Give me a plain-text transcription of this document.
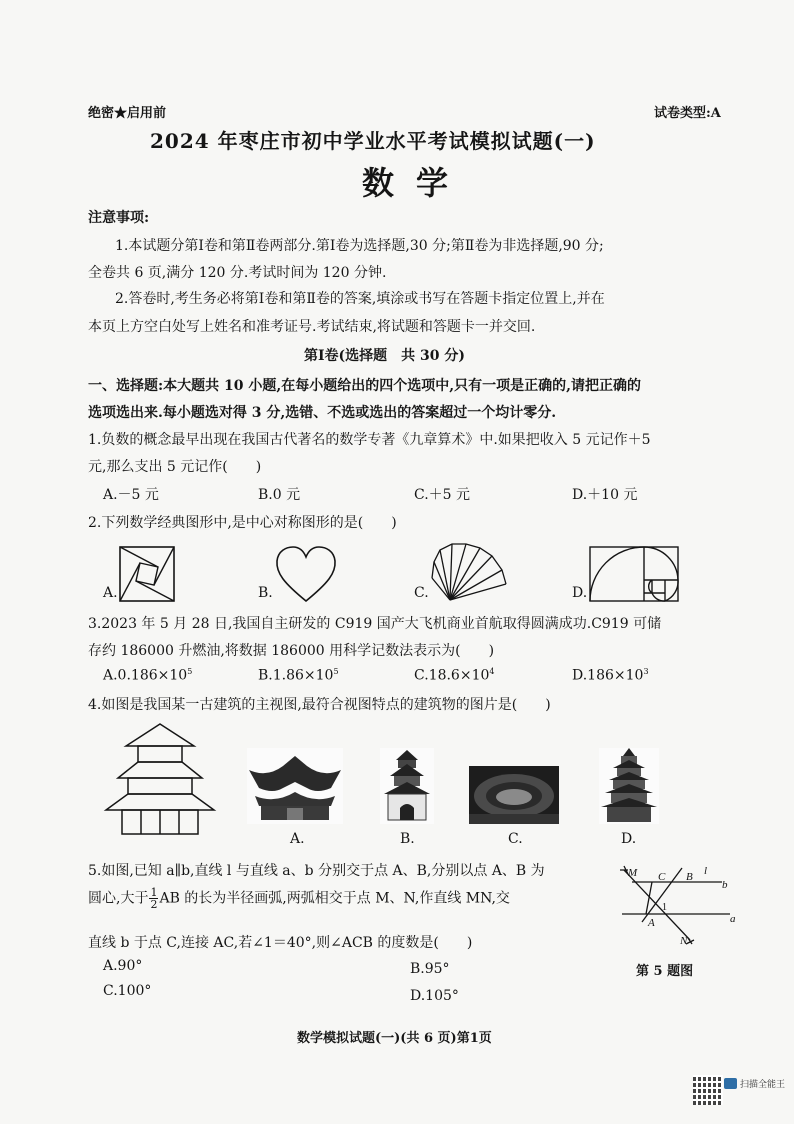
绝密★启用前	试卷类型:A
2024 年枣庄市初中学业水平考试模拟试题(一)
数学
注意事项:
1.本试题分第Ⅰ卷和第Ⅱ卷两部分.第Ⅰ卷为选择题,30 分;第Ⅱ卷为非选择题,90 分;
全卷共 6 页,满分 120 分.考试时间为 120 分钟.
2.答卷时,考生务必将第Ⅰ卷和第Ⅱ卷的答案,填涂或书写在答题卡指定位置上,并在
本页上方空白处写上姓名和准考证号.考试结束,将试题和答题卡一并交回.
第Ⅰ卷(选择题　共 30 分)
一、选择题:本大题共 10 小题,在每小题给出的四个选项中,只有一项是正确的,请把正确的
选项选出来.每小题选对得 3 分,选错、不选或选出的答案超过一个均计零分.
1.负数的概念最早出现在我国古代著名的数学专著《九章算术》中.如果把收入 5 元记作＋5
元,那么支出 5 元记作(　　)
A.－5 元	B.0 元	C.＋5 元	D.＋10 元
2.下列数学经典图形中,是中心对称图形的是(　　)
A.	B.	C.	D.
3.2023 年 5 月 28 日,我国自主研发的 C919 国产大飞机商业首航取得圆满成功.C919 可储
存约 186000 升燃油,将数据 186000 用科学记数法表示为(　　)
$A.0.186\times 10^5$	$B.1.86\times 10^5$	$C.18.6\times 10^4$	$D.186\times 10^3$
4.如图是我国某一古建筑的主视图,最符合视图特点的建筑物的图片是(　　)
A.	B.	C.	D.
5.如图,已知 a∥b,直线 l 与直线 a、b 分别交于点 A、B,分别以点 A、B 为
圆心,大于 $\frac{1}{2}$ AB 的长为半径画弧,两弧相交于点 M、N,作直线 MN,交
直线 b 于点 C,连接 AC,若∠1＝40°,则∠ACB 的度数是(　　)
A.90°	B.95°
C.100°	D.105°
M C B l
b
1
A	a
N
第 5 题图
数学模拟试题(一)(共 6 页)第1页
扫描全能王
